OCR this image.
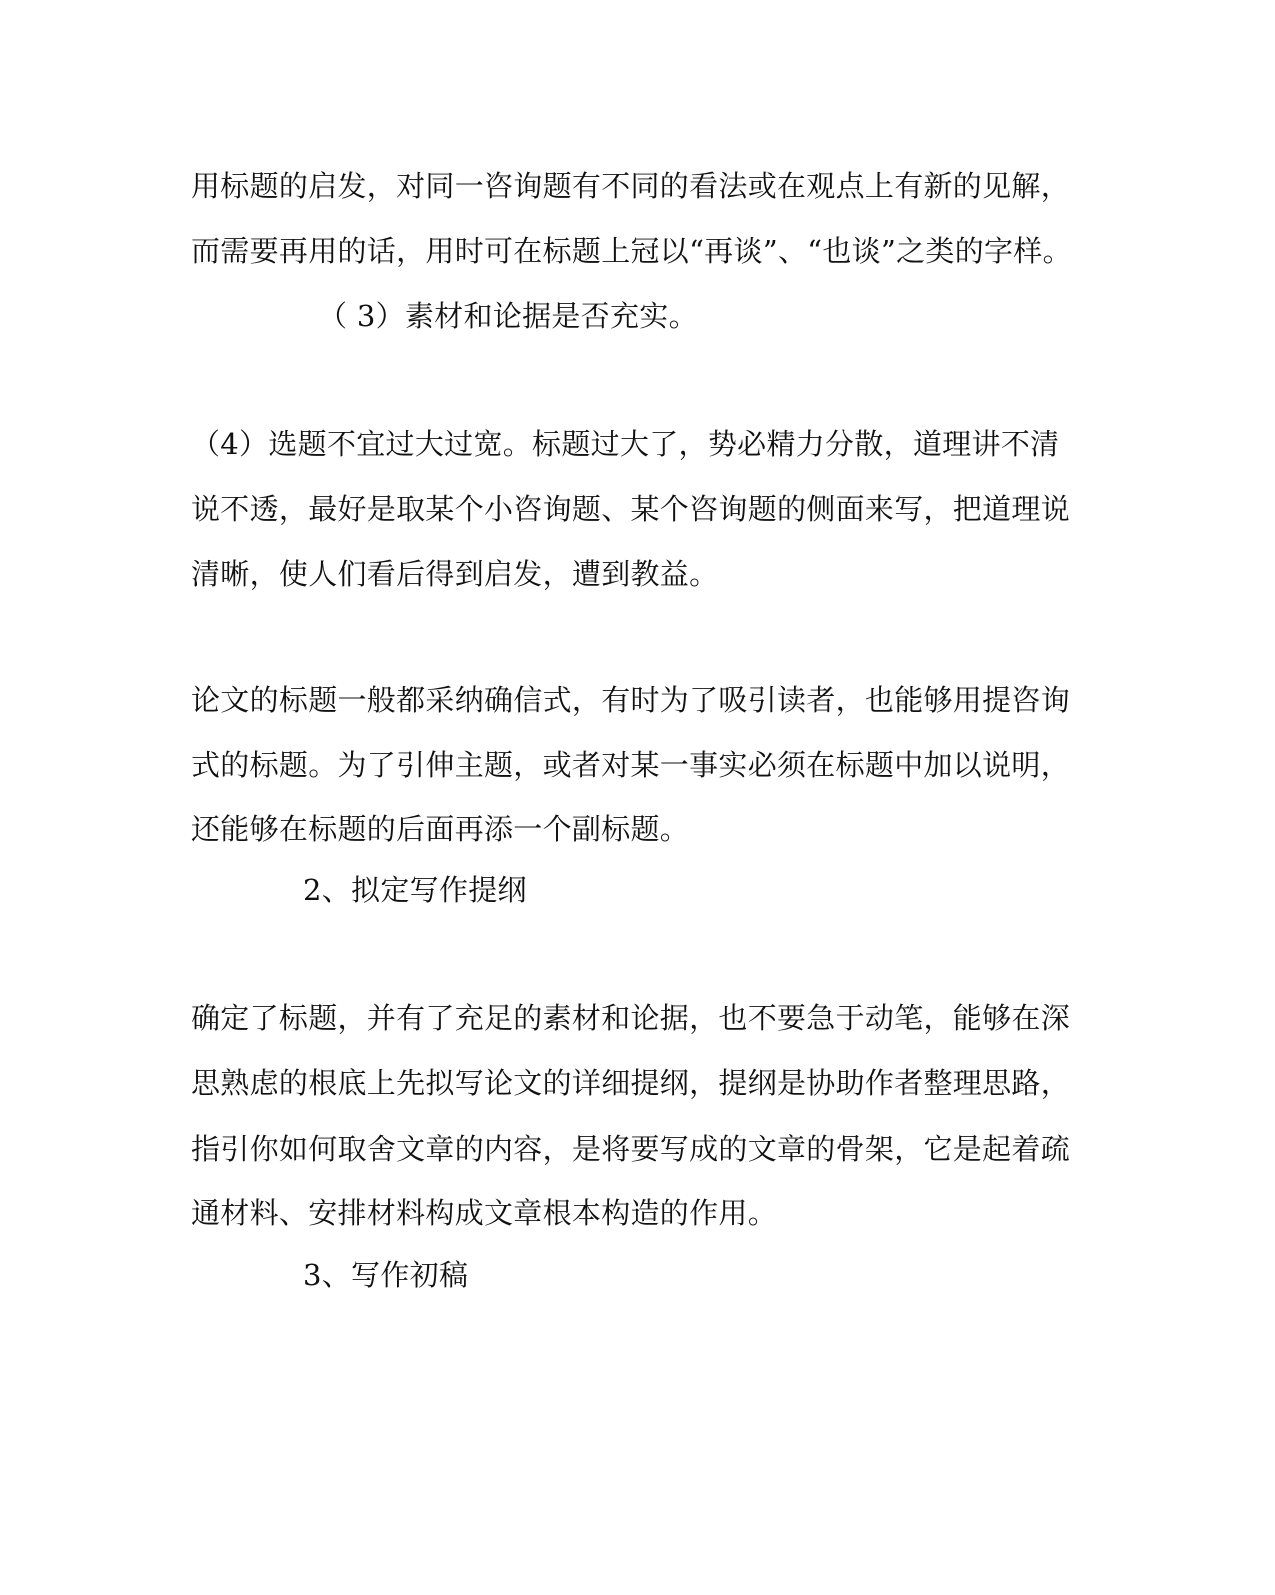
用标题的启发，对同一咨询题有不同的看法或在观点上有新的见解，
而需要再用的话，用时可在标题上冠以“再谈”、“也谈”之类的字样。
（ 3）素材和论据是否充实。
（4）选题不宜过大过宽。标题过大了，势必精力分散，道理讲不清
说不透，最好是取某个小咨询题、某个咨询题的侧面来写，把道理说
清晰，使人们看后得到启发，遭到教益。
论文的标题一般都采纳确信式，有时为了吸引读者，也能够用提咨询
式的标题。为了引伸主题，或者对某一事实必须在标题中加以说明，
还能够在标题的后面再添一个副标题。
2、拟定写作提纲
确定了标题，并有了充足的素材和论据，也不要急于动笔，能够在深
思熟虑的根底上先拟写论文的详细提纲，提纲是协助作者整理思路，
指引你如何取舍文章的内容，是将要写成的文章的骨架，它是起着疏
通材料、安排材料构成文章根本构造的作用。
3、写作初稿
